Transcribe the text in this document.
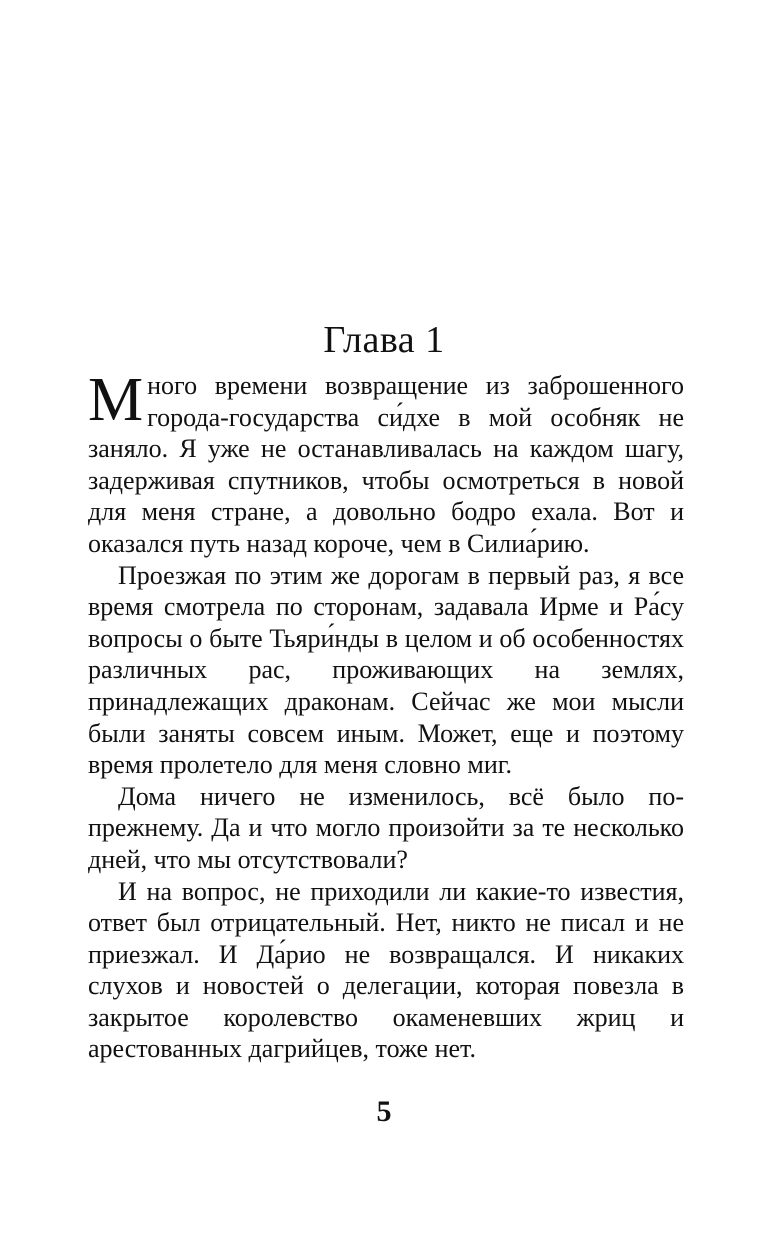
Глава 1

Много времени возвращение из заброшенного города-государства си́дхе в мой особняк не заняло. Я уже не останавливалась на каждом шагу, задерживая спутников, чтобы осмотреться в новой для меня стране, а довольно бодро ехала. Вот и оказался путь назад короче, чем в Силиа́рию.

Проезжая по этим же дорогам в первый раз, я все время смотрела по сторонам, задавала Ирме и Ра́су вопросы о быте Тьяри́нды в целом и об особенностях различных рас, проживающих на землях, принадлежащих драконам. Сейчас же мои мысли были заняты совсем иным. Может, еще и поэтому время пролетело для меня словно миг.

Дома ничего не изменилось, всё было по-прежнему. Да и что могло произойти за те несколько дней, что мы отсутствовали?

И на вопрос, не приходили ли какие-то известия, ответ был отрицательный. Нет, никто не писал и не приезжал. И Да́рио не возвращался. И никаких слухов и новостей о делегации, которая повезла в закрытое королевство окаменевших жриц и арестованных дагрийцев, тоже нет.

5
